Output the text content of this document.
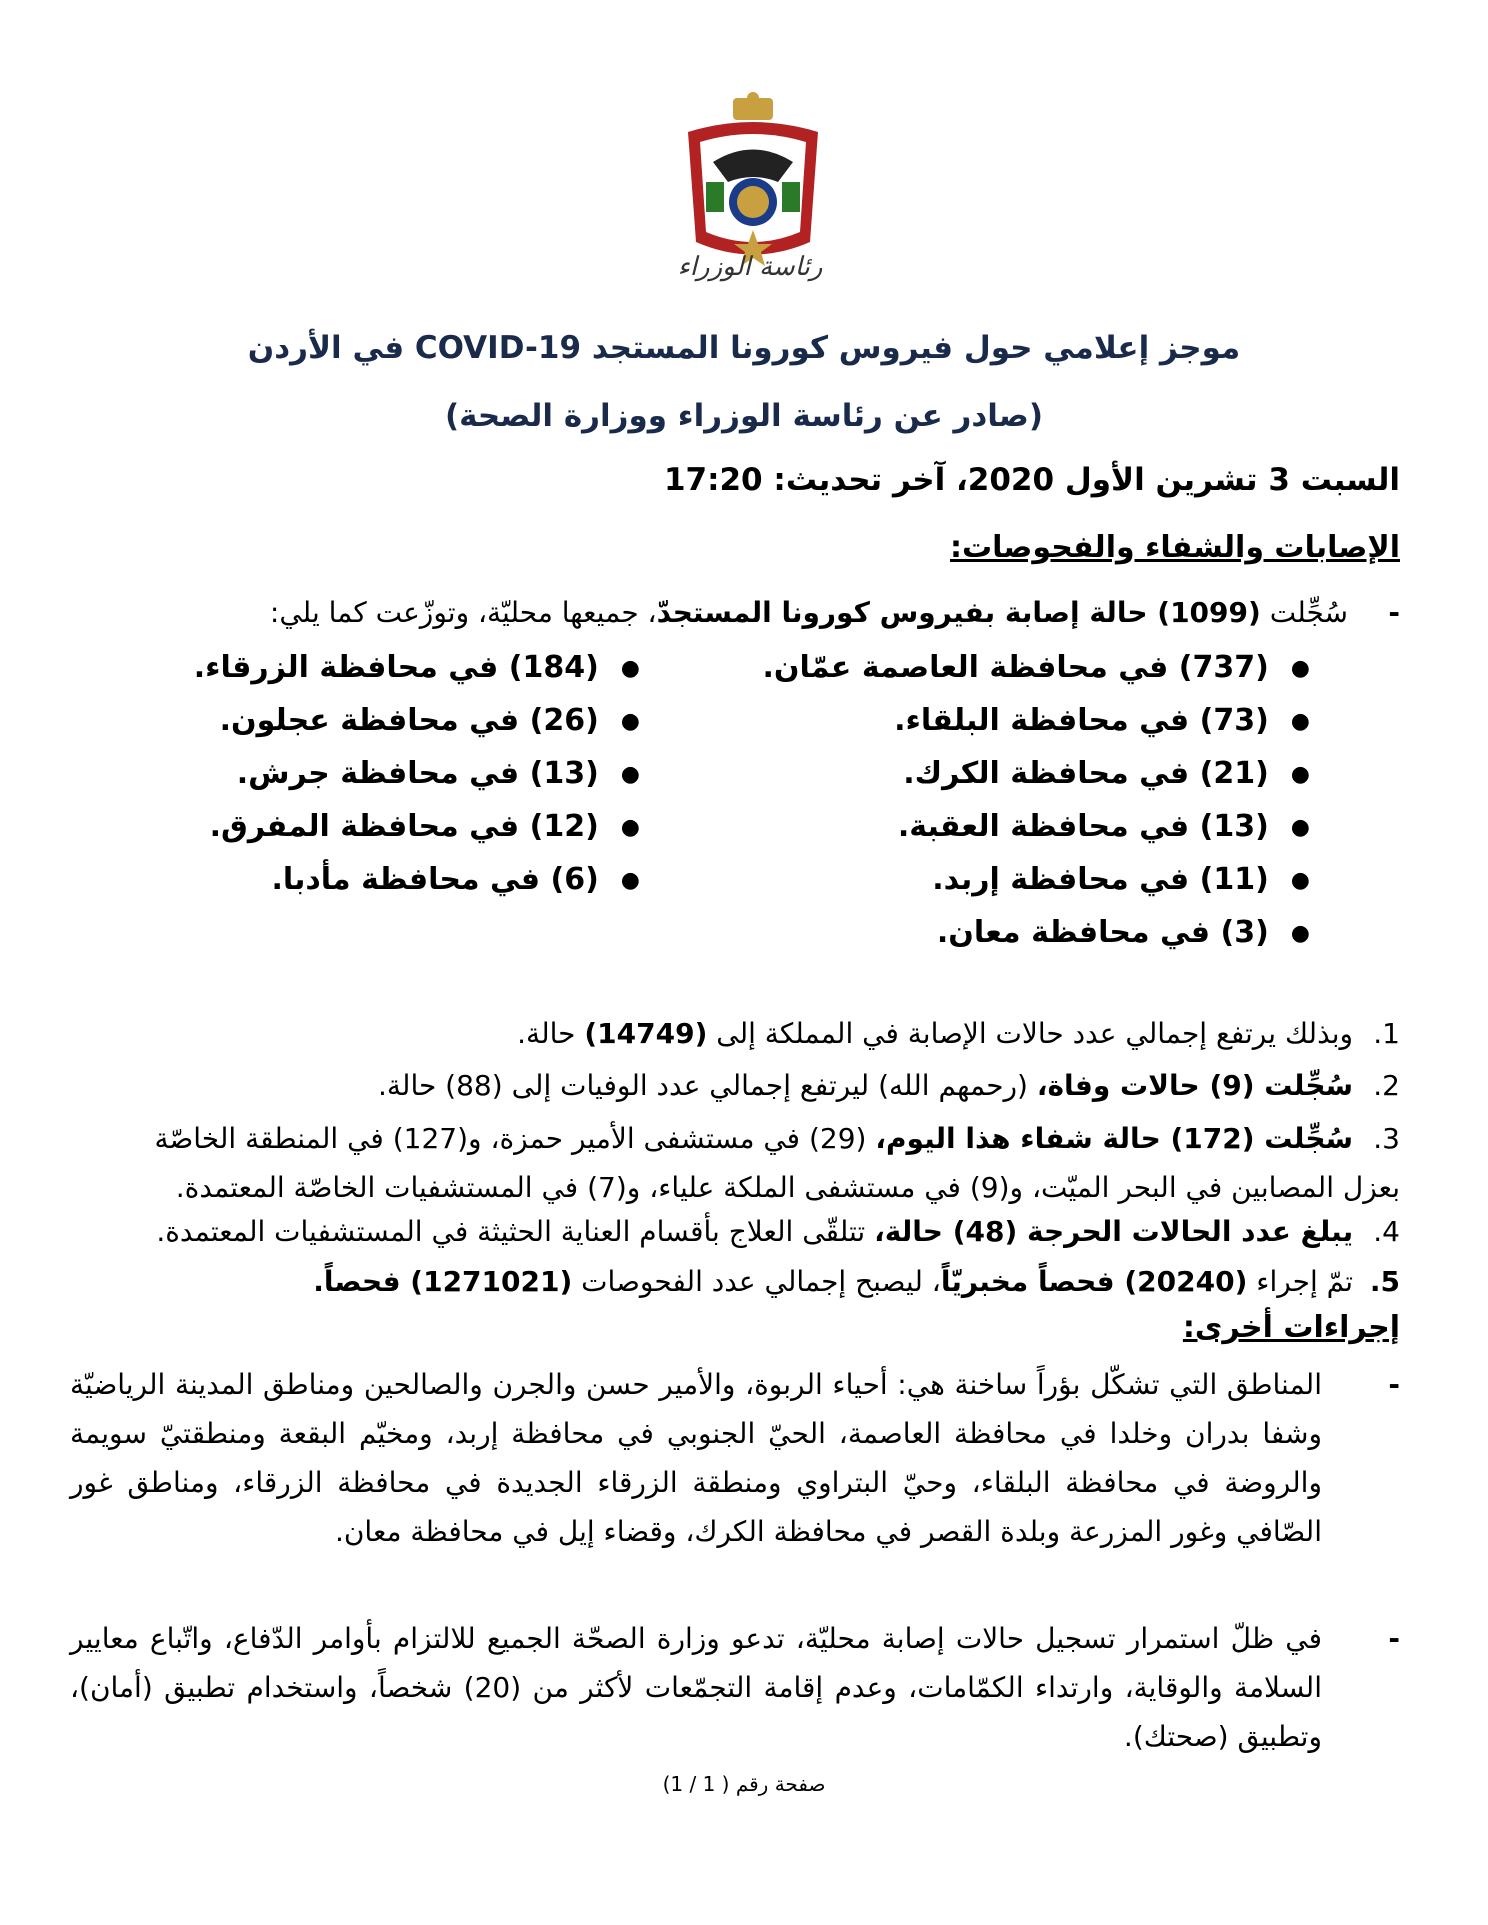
رئاسة الوزراء
موجز إعلامي حول فيروس كورونا المستجد COVID-19 في الأردن
(صادر عن رئاسة الوزراء ووزارة الصحة)
السبت 3 تشرين الأول 2020، آخر تحديث: 17:20
الإصابات والشفاء والفحوصات:
-سُجِّلت (1099) حالة إصابة بفيروس كورونا المستجدّ، جميعها محليّة، وتوزّعت كما يلي:
●(737) في محافظة العاصمة عمّان.
●(73) في محافظة البلقاء.
●(21) في محافظة الكرك.
●(13) في محافظة العقبة.
●(11) في محافظة إربد.
●(3) في محافظة معان.
●(184) في محافظة الزرقاء.
●(26) في محافظة عجلون.
●(13) في محافظة جرش.
●(12) في محافظة المفرق.
●(6) في محافظة مأدبا.
1. وبذلك يرتفع إجمالي عدد حالات الإصابة في المملكة إلى (14749) حالة.
2. سُجِّلت (9) حالات وفاة، (رحمهم الله) ليرتفع إجمالي عدد الوفيات إلى (88) حالة.
3. سُجِّلت (172) حالة شفاء هذا اليوم، (29) في مستشفى الأمير حمزة، و(127) في المنطقة الخاصّة بعزل المصابين في البحر الميّت، و(9) في مستشفى الملكة علياء، و(7) في المستشفيات الخاصّة المعتمدة.
4. يبلغ عدد الحالات الحرجة (48) حالة، تتلقّى العلاج بأقسام العناية الحثيثة في المستشفيات المعتمدة.
5. تمّ إجراء (20240) فحصاً مخبريّاً، ليصبح إجمالي عدد الفحوصات (1271021) فحصاً.
إجراءات أخرى:
-
المناطق التي تشكّل بؤراً ساخنة هي: أحياء الربوة، والأمير حسن والجرن والصالحين ومناطق المدينة الرياضيّة وشفا بدران وخلدا في محافظة العاصمة، الحيّ الجنوبي في محافظة إربد، ومخيّم البقعة ومنطقتيّ سويمة والروضة في محافظة البلقاء، وحيّ البتراوي ومنطقة الزرقاء الجديدة في محافظة الزرقاء، ومناطق غور الصّافي وغور المزرعة وبلدة القصر في محافظة الكرك، وقضاء إيل في محافظة معان.
-
في ظلّ استمرار تسجيل حالات إصابة محليّة، تدعو وزارة الصحّة الجميع للالتزام بأوامر الدّفاع، واتّباع معايير السلامة والوقاية، وارتداء الكمّامات، وعدم إقامة التجمّعات لأكثر من (20) شخصاً، واستخدام تطبيق (أمان)، وتطبيق (صحتك).
صفحة رقم ( 1 / 1)
